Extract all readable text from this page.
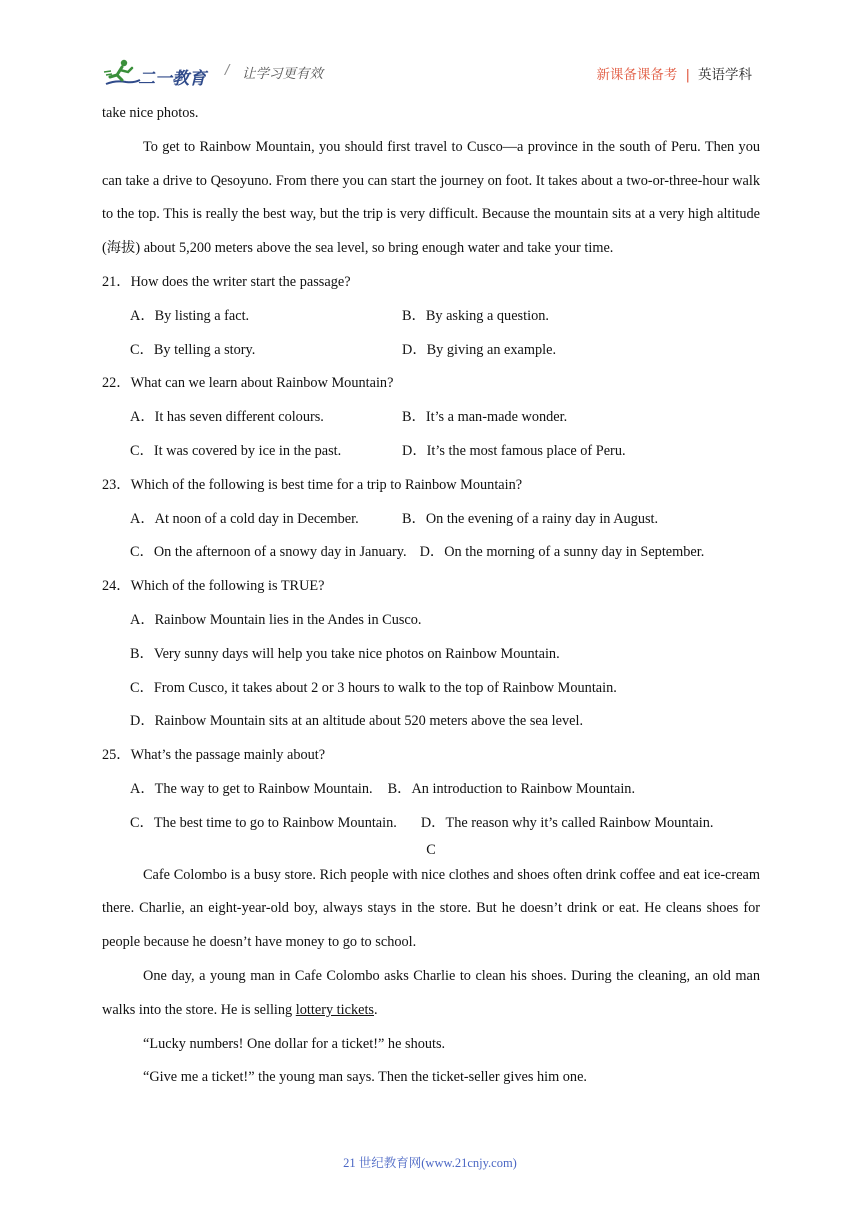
二一教育 / 让学习更有效	新课备课备考 | 英语学科

take nice photos.

To get to Rainbow Mountain, you should first travel to Cusco—a province in the south of Peru. Then you can take a drive to Qesoyuno. From there you can start the journey on foot. It takes about a two-or-three-hour walk to the top. This is really the best way, but the trip is very difficult. Because the mountain sits at a very high altitude (海拔) about 5,200 meters above the sea level, so bring enough water and take your time.

21．How does the writer start the passage?

A．By listing a fact.	B．By asking a question.
C．By telling a story.	D．By giving an example.

22．What can we learn about Rainbow Mountain?

A．It has seven different colours.	B．It’s a man-made wonder.
C．It was covered by ice in the past.	D．It’s the most famous place of Peru.

23．Which of the following is best time for a trip to Rainbow Mountain?

A．At noon of a cold day in December.	B．On the evening of a rainy day in August.
C．On the afternoon of a snowy day in January. D．On the morning of a sunny day in September.

24．Which of the following is TRUE?

A．Rainbow Mountain lies in the Andes in Cusco.

B．Very sunny days will help you take nice photos on Rainbow Mountain.

C．From Cusco, it takes about 2 or 3 hours to walk to the top of Rainbow Mountain.

D．Rainbow Mountain sits at an altitude about 520 meters above the sea level.

25．What’s the passage mainly about?

A．The way to get to Rainbow Mountain. B．An introduction to Rainbow Mountain.
C．The best time to go to Rainbow Mountain. D．The reason why it’s called Rainbow Mountain.

C

Cafe Colombo is a busy store. Rich people with nice clothes and shoes often drink coffee and eat ice-cream there. Charlie, an eight-year-old boy, always stays in the store. But he doesn’t drink or eat. He cleans shoes for people because he doesn’t have money to go to school.

One day, a young man in Cafe Colombo asks Charlie to clean his shoes. During the cleaning, an old man walks into the store. He is selling lottery tickets.

“Lucky numbers! One dollar for a ticket!” he shouts.

“Give me a ticket!” the young man says. Then the ticket-seller gives him one.

21 世纪教育网(www.21cnjy.com)
